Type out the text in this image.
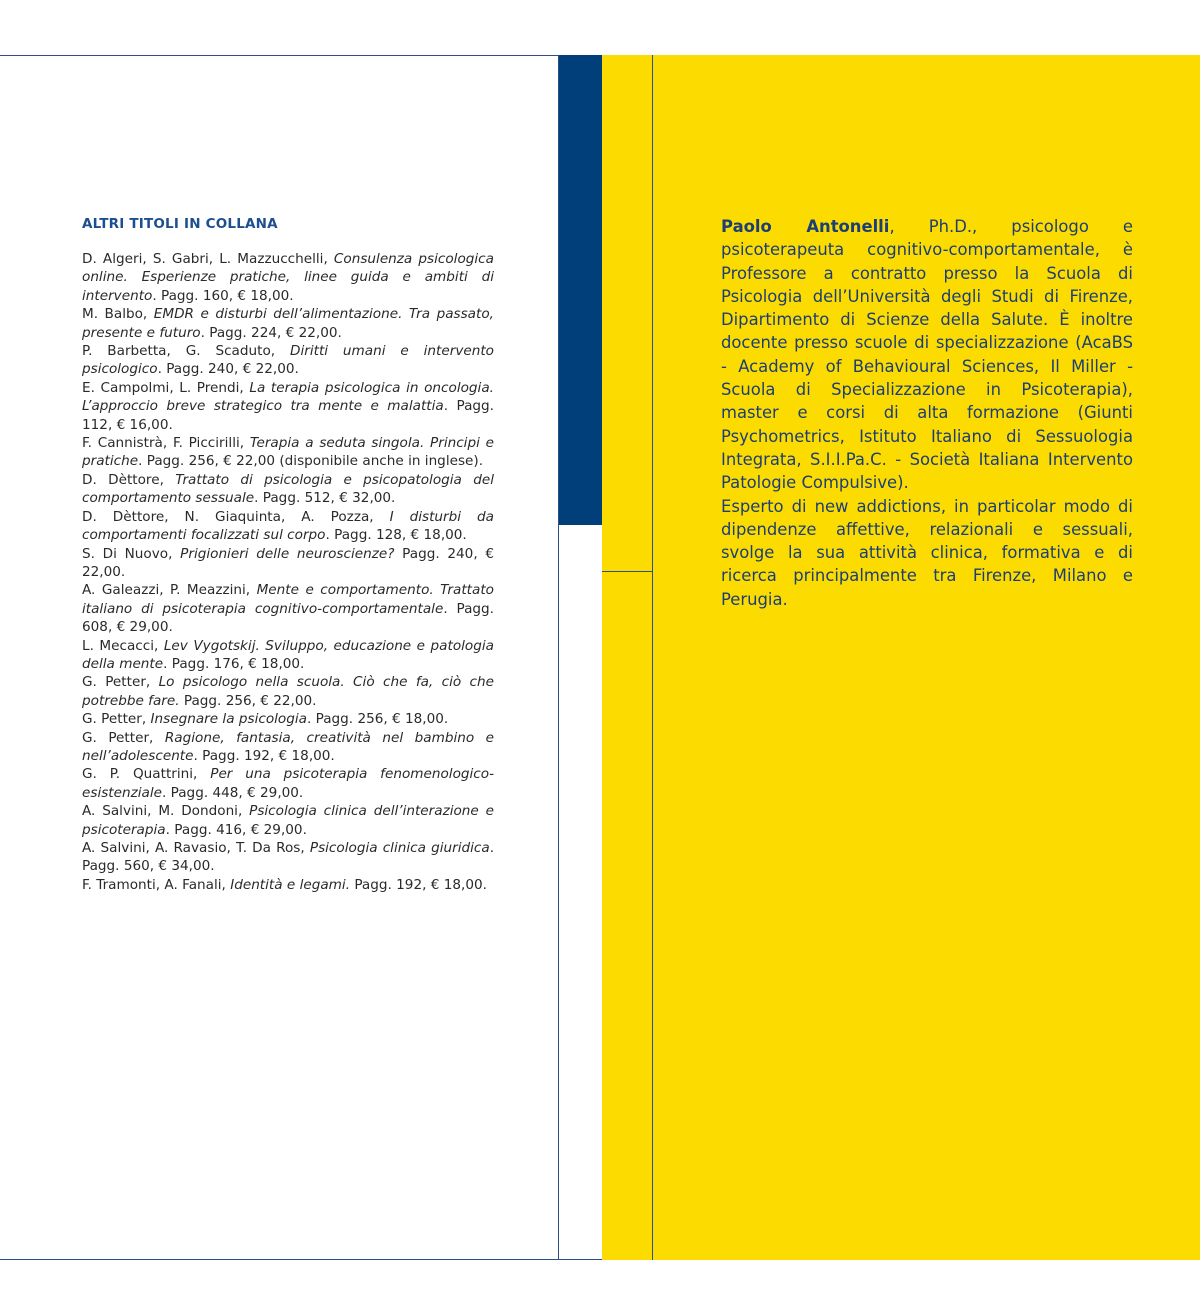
ALTRI TITOLI IN COLLANA
D. Algeri, S. Gabri, L. Mazzucchelli, Consulenza psicologica online. Esperienze pratiche, linee guida e ambiti di intervento. Pagg. 160, € 18,00.
M. Balbo, EMDR e disturbi dell’alimentazione. Tra passato, presente e futuro. Pagg. 224, € 22,00.
P. Barbetta, G. Scaduto, Diritti umani e intervento psicologico. Pagg. 240, € 22,00.
E. Campolmi, L. Prendi, La terapia psicologica in oncologia. L’approccio breve strategico tra mente e malattia. Pagg. 112, € 16,00.
F. Cannistrà, F. Piccirilli, Terapia a seduta singola. Principi e pratiche. Pagg. 256, € 22,00 (disponibile anche in inglese).
D. Dèttore, Trattato di psicologia e psicopatologia del comportamento sessuale. Pagg. 512, € 32,00.
D. Dèttore, N. Giaquinta, A. Pozza, I disturbi da comportamenti focalizzati sul corpo. Pagg. 128, € 18,00.
S. Di Nuovo, Prigionieri delle neuroscienze? Pagg. 240, € 22,00.
A. Galeazzi, P. Meazzini, Mente e comportamento. Trattato italiano di psicoterapia cognitivo-comportamentale. Pagg. 608, € 29,00.
L. Mecacci, Lev Vygotskij. Sviluppo, educazione e patologia della mente. Pagg. 176, € 18,00.
G. Petter, Lo psicologo nella scuola. Ciò che fa, ciò che potrebbe fare. Pagg. 256, € 22,00.
G. Petter, Insegnare la psicologia. Pagg. 256, € 18,00.
G. Petter, Ragione, fantasia, creatività nel bambino e nell’adolescente. Pagg. 192, € 18,00.
G. P. Quattrini, Per una psicoterapia fenomenologico-esistenziale. Pagg. 448, € 29,00.
A. Salvini, M. Dondoni, Psicologia clinica dell’interazione e psicoterapia. Pagg. 416, € 29,00.
A. Salvini, A. Ravasio, T. Da Ros, Psicologia clinica giuridica. Pagg. 560, € 34,00.
F. Tramonti, A. Fanali, Identità e legami. Pagg. 192, € 18,00.

Paolo Antonelli, Ph.D., psicologo e psicoterapeuta cognitivo-comportamentale, è Professore a contratto presso la Scuola di Psicologia dell’Università degli Studi di Firenze, Dipartimento di Scienze della Salute. È inoltre docente presso scuole di specializzazione (AcaBS - Academy of Behavioural Sciences, Il Miller - Scuola di Specializzazione in Psicoterapia), master e corsi di alta formazione (Giunti Psychometrics, Istituto Italiano di Sessuologia Integrata, S.I.I.Pa.C. - Società Italiana Intervento Patologie Compulsive).

Esperto di new addictions, in particolar modo di dipendenze affettive, relazionali e sessuali, svolge la sua attività clinica, formativa e di ricerca principalmente tra Firenze, Milano e Perugia.
